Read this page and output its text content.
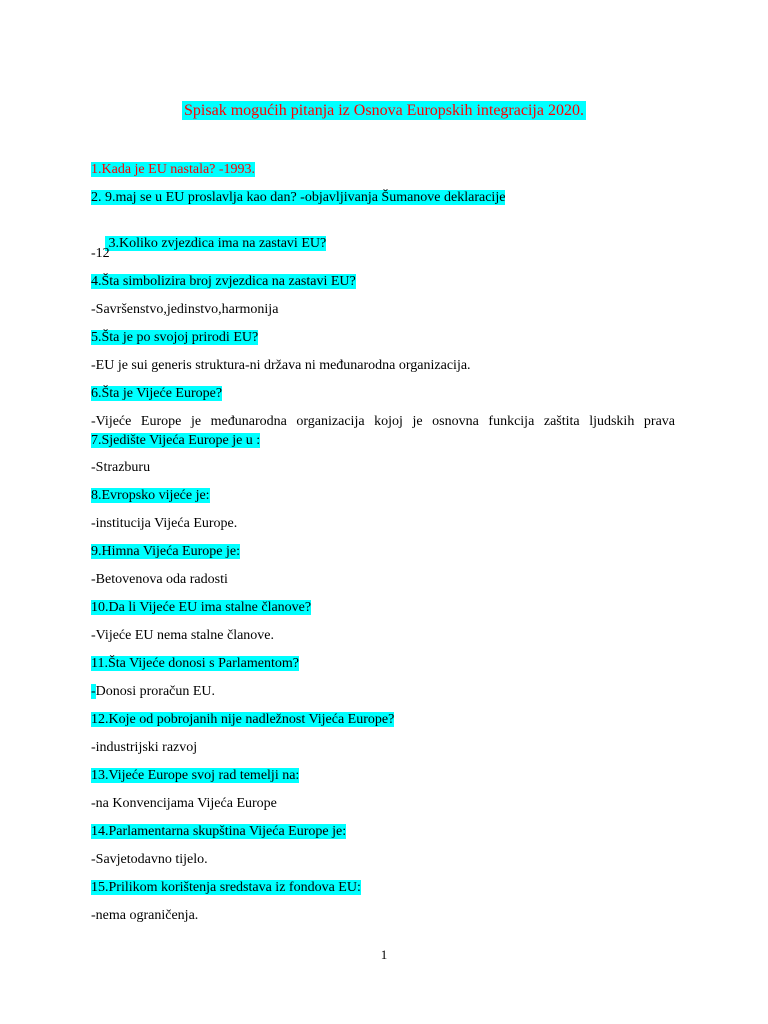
Spisak mogućih pitanja iz Osnova Europskih integracija 2020.
1.Kada je EU nastala? -1993.
2. 9.maj se u EU proslavlja kao dan? -objavljivanja Šumanove deklaracije

3.Koliko zvjezdica ima na zastavi EU?

-12
4.Šta simbolizira broj zvjezdica na zastavi EU?
-Savršenstvo,jedinstvo,harmonija
5.Šta je po svojoj prirodi EU?
-EU je sui generis struktura-ni država ni međunarodna organizacija.
6.Šta je Vijeće Europe?
-Vijeće Europe je međunarodna organizacija kojoj je osnovna funkcija zaštita ljudskih prava
7.Sjedište Vijeća Europe je u :
-Strazburu
8.Evropsko vijeće je:
-institucija Vijeća Europe.
9.Himna Vijeća Europe je:
-Betovenova oda radosti
10.Da li Vijeće EU ima stalne članove?
-Vijeće EU nema stalne članove.
11.Šta Vijeće donosi s Parlamentom?
-Donosi proračun EU.
12.Koje od pobrojanih nije nadležnost Vijeća Europe?
-industrijski razvoj
13.Vijeće Europe svoj rad temelji na:
-na Konvencijama Vijeća Europe
14.Parlamentarna skupština Vijeća Europe je:
-Savjetodavno tijelo.
15.Prilikom korištenja sredstava iz fondova EU:
-nema ograničenja.
1
